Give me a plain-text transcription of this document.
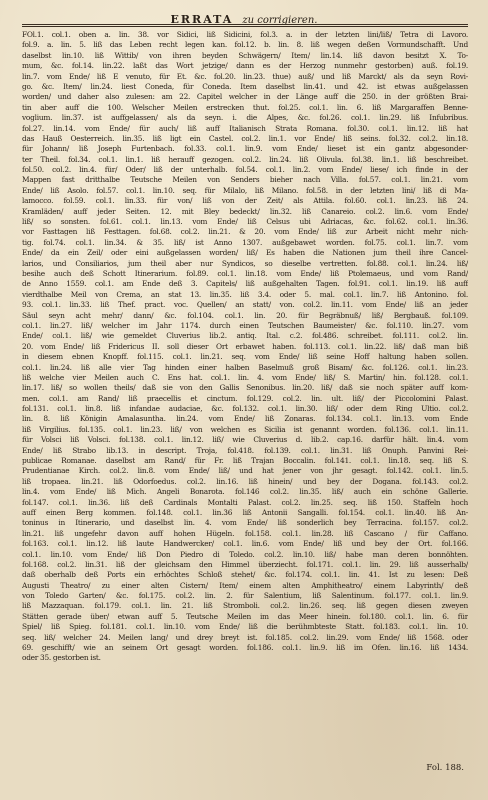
ERRATA zu corrigieren.
FOl.1. col.1. oben a. lin. 38. vor Sidici, liß Sidicini, fol.3. a. in der letzten lini/liß/ Tetra di Lavoro.
fol.9. a. lin. 5. liß das Leben recht legen kan. fol.12. b. lin. 8. liß wegen deßen Vormundschafft. Und
daselbst lin.10. liß Wittib/ von ihren beyden Schwägern/ Item/ lin.14. liß davon besitzt X. To-
mum, &c. fol.14. lin.22. laßt das Wort jetzige/ dann es der Herzog nunmehr gestorben) auß. fol.19.
lin.7. vom Ende/ liß E venuto, für Et. &c. fol.20. lin.23. thue) auß/ und liß Marckt/ als da seyn Rovi-
go. &c. Item/ lin.24. liest Coneda, für Coneda. Item daselbst lin.41. und 42. ist etwas außgelassen
worden/ und daher also zulesen: am 22. Capitel welcher in der Länge auff die 250. in der größten Brai-
tin aber auff die 100. Welscher Meilen erstrecken thut. fol.25. col.1. lin. 6. liß Margaraffen Benne-
voglium. lin.37. ist auffgelassen/ als da seyn. i. die Alpes, &c. fol.26. col.1. lin.29. liß Infubribus.
fol.27. lin.14. vom Ende/ für auch/ liß auff Italianisch Strata Romana. fol.30. col.1. lin.12. liß hat
das Hauß Oesterreich. lin.35. liß ligt ein Castel. col.2. lin.1. vor Ende/ liß seins. fol.32. col.2. lin.18.
für Johann/ liß Joseph Furtenbach. fol.33. col.1. lin.9. vom Ende/ lieset ist ein gantz abgesonder-
ter Theil. fol.34. col.1. lin.1. liß herauff gezogen. col.2. lin.24. liß Olivula. fol.38. lin.1. liß beschreibet.
fol.50. col.2. lin.4. für/ Oder/ liß der unterhalb. fol.54. col.1. lin.2. vom Ende/ liese/ ich finde in der
Mappen fast dritthalbe Teutsche Meilen von Senders bieher nach Villa. fol.57. col.1. lin.21. vom
Ende/ liß Asolo. fol.57. col.1. lin.10. seq. für Milalo, liß Milano. fol.58. in der letzten lini/ liß di Ma-
lamocco. fol.59. col.1. lin.33. für von/ liß von der Zeit/ als Attila. fol.60. col.1. lin.23. liß 24.
Kramläden/ auff jeder Seiten. 12. mit Bley bedeckt/ lin.32. liß Canareio. col.2. lin.6. vom Ende/
liß/ so sonsten. fol.61. col.1. lin.13. vom Ende/ liß Celsus ubi Adriacas, &c. fol.62. col.1. lin.36.
vor Fasttagen liß Festtagen. fol.68. col.2. lin.21. & 20. vom Ende/ liß zur Arbeit nicht mehr nich-
tig. fol.74. col.1. lin.34. & 35. liß/ ist Anno 1307. außgebawet worden. fol.75. col.1. lin.7. vom
Ende/ da ein Zeil/ oder eini außgelassen worden/ liß/ Es haben die Nationen jum theil ihre Cancel-
larios, und Consiliarios, jum theil aber nur Syndicos, so dieselbe vertretten. fol.88. col.1. lin.24. liß/
besihe auch deß Schott Itinerarium. fol.89. col.1. lin.18. vom Ende/ liß Ptolemaeus, und vom Rand/
de Anno 1559. col.1. am Ende deß 3. Capitels/ liß außgehalten Tagen. fol.91. col.1. lin.19. liß auff
vierdthalbe Meil von Crema, an stat 13. lin.35. liß 3.4. oder 5. mal. col.1. lin.7. liß Antonino. fol.
93. col.1. lin.33. liß Thef. pract. voc. Quellen/ an statt/ von. col.2. lin.11. vom Ende/ liß an jeder
Säul seyn acht mehr/ dann/ &c. fol.104. col.1. lin. 20. für Begräbnuß/ liß/ Bergbauß. fol.109.
col.1. lin.27. liß/ welcher im Jahr 1174. durch einen Teutschen Baumeister/ &c. fol.110. lin.27. vom
Ende/ col.1. liß/ wie gemeldet Cluverius lib.2. antiq. Ital. c.2. fol.486. schreibet. fol.111. col.2. lin.
20. vom Ende/ liß Fridericus II. soll dieser Ort erbawet haben. fol.113. col.1. lin.22. liß/ daß man biß
in diesem ebnen Knopff. fol.115. col.1. lin.21. seq. vom Ende/ liß seine Hoff haltung haben sollen.
col.1. lin.24. liß alle vier Tag hinden einer halben Baselmuß groß Bisam/ &c. fol.126. col.1. lin.23.
liß welche vier Meilen auch C. Ens hat. col.1. lin. 4. vom Ende/ liß/ S. Martin/ hin. fol.128. col.1.
lin.17. liß/ so wollen theils/ daß sie von den Gallis Senonibus. lin.20. liß/ daß sie noch später auff kom-
men. col.1. am Rand/ liß praecellis et cinctum. fol.129. col.2. lin. ult. liß/ der Piccolomini Palast.
fol.131. col.1. lin.8. liß infandae audaciae, &c. fol.132. col.1. lin.30. liß/ oder dem Ring Ultio. col.2.
lin. 8. liß Königin Amalasuntha. lin.24. vom Ende/ liß Zonaras. fol.134. col.1. lin.13. vom Ende
liß Virgilius. fol.135. col.1. lin.23. liß/ von welchen es Sicilia ist genannt worden. fol.136. col.1. lin.11.
für Volsci liß Volsci. fol.138. col.1. lin.12. liß/ wie Cluverius d. lib.2. cap.16. darfür hält. lin.4. vom
Ende/ liß Strabo lib.13. in descript. Troja, fol.418. fol.139. col.1. lin.31. liß Onuph. Panvini Rei-
publicae Romanae. daselbst am Rand/ für Fr. liß Trajan Boccalin. fol.141. col.1. lin.18. seq. liß S.
Prudentianae Kirch. col.2. lin.8. vom Ende/ liß/ und hat jener von jhr gesagt. fol.142. col.1. lin.5.
liß tropaea. lin.21. liß Odorfoedus. col.2. lin.16. liß hinein/ und bey der Dogana. fol.143. col.2.
lin.4. vom Ende/ liß Mich. Angeli Bonarota. fol.146 col.2. lin.35. liß/ auch ein schöne Gallerie.
fol.147. col.1. lin.36. liß deß Cardinals Montalti Palast. col.2. lin.25. seq. liß 150. Staffeln hoch
auff einen Berg kommen. fol.148. col.1. lin.36 liß Antonii Sangalli. fol.154. col.1. lin.40. liß An-
toninus in Itinerario, und daselbst lin. 4. vom Ende/ liß sonderlich bey Terracina. fol.157. col.2.
lin.21. liß ungefehr davon auff hohen Hügeln. fol.158. col.1. lin.28. liß Cascano / für Caffano.
fol.163. col.1. lin.12. liß laute Handwercker/ col.1. lin.6. vom Ende/ liß und bey der Ort. fol.166.
col.1. lin.10. vom Ende/ liß Don Piedro di Toledo. col.2. lin.10. liß/ habe man deren bonnöhten.
fol.168. col.2. lin.31. liß der gleichsam den Himmel überziecht. fol.171. col.1. lin. 29. liß ausserhalb/
daß oberhalb deß Ports ein erhöchtes Schloß stehet/ &c. fol.174. col.1. lin. 41. Ist zu lesen: Deß
Augusti Theatro/ zu einer alten Cistern/ Item/ einem alten Amphitheatro/ einem Labyrinth/ deß
von Toledo Garten/ &c. fol.175. col.2. lin. 2. für Salentium, liß Salentinum. fol.177. col.1. lin.9.
liß Mazzaquan. fol.179. col.1. lin. 21. liß Stromboli. col.2. lin.26. seq. liß gegen diesen zweyen
Stätten gerade über/ etwan auff 5. Teutsche Meilen im das Meer hinein. fol.180. col.1. lin. 6. für
Spiel/ liß Spieg. fol.181. col.1. lin.10. vom Ende/ liß die berühmbteste Statt. fol.183. col.1. lin. 10.
seq. liß/ welcher 24. Meilen lang/ und drey breyt ist. fol.185. col.2. lin.29. vom Ende/ liß 1568. oder
69. geschifft/ wie an seinem Ort gesagt worden. fol.186. col.1. lin.9. liß im Ofen. lin.16. liß 1434.
oder 35. gestorben ist.
Fol. 188.
